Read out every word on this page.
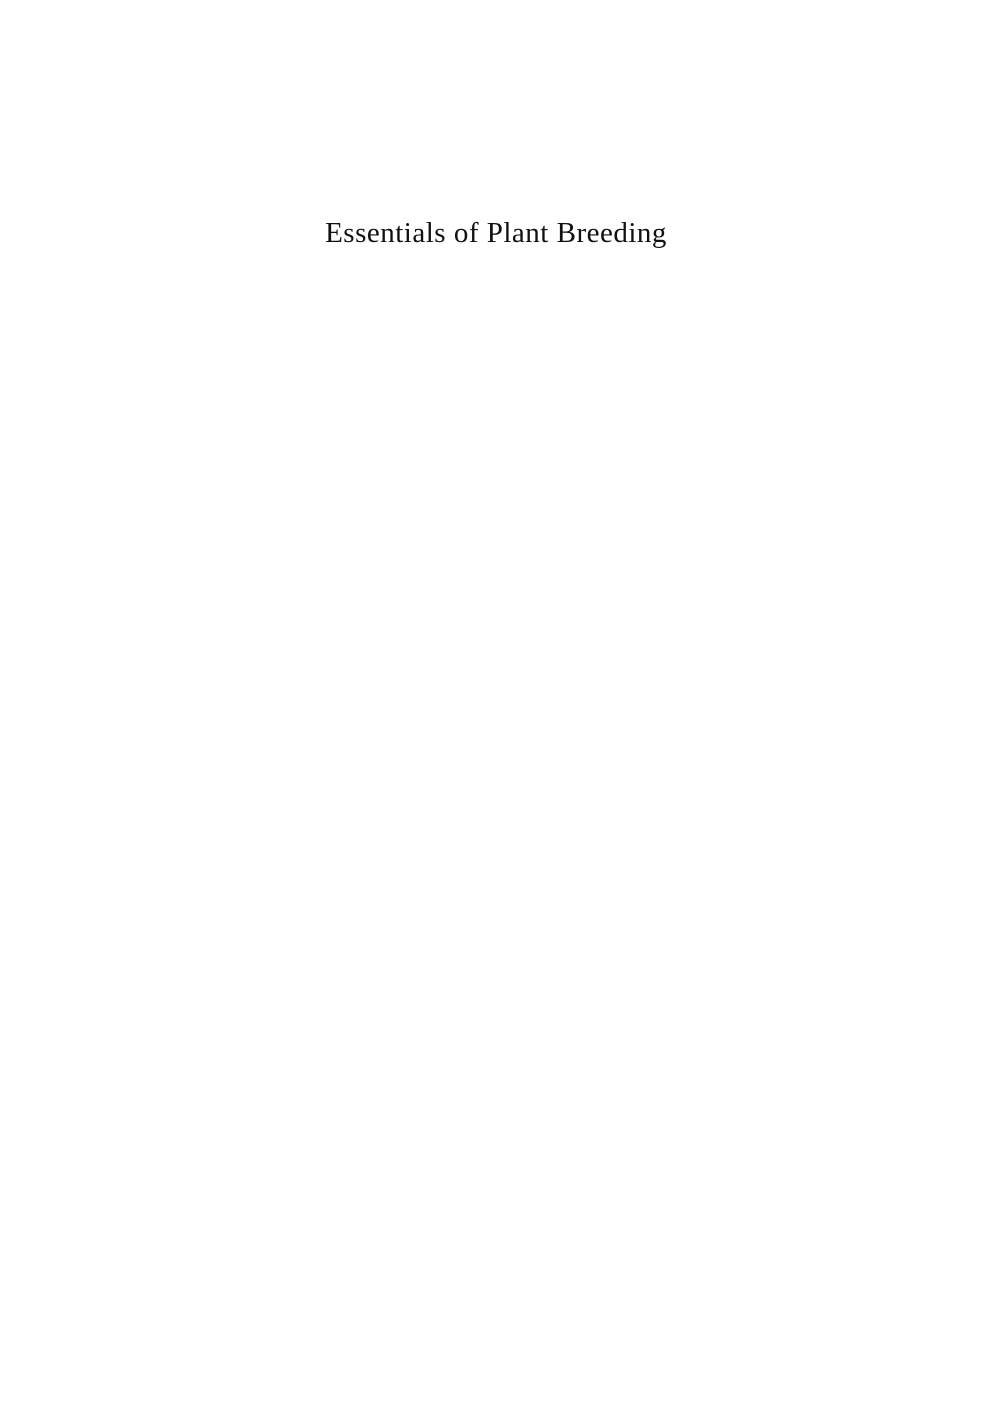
Essentials of Plant Breeding
